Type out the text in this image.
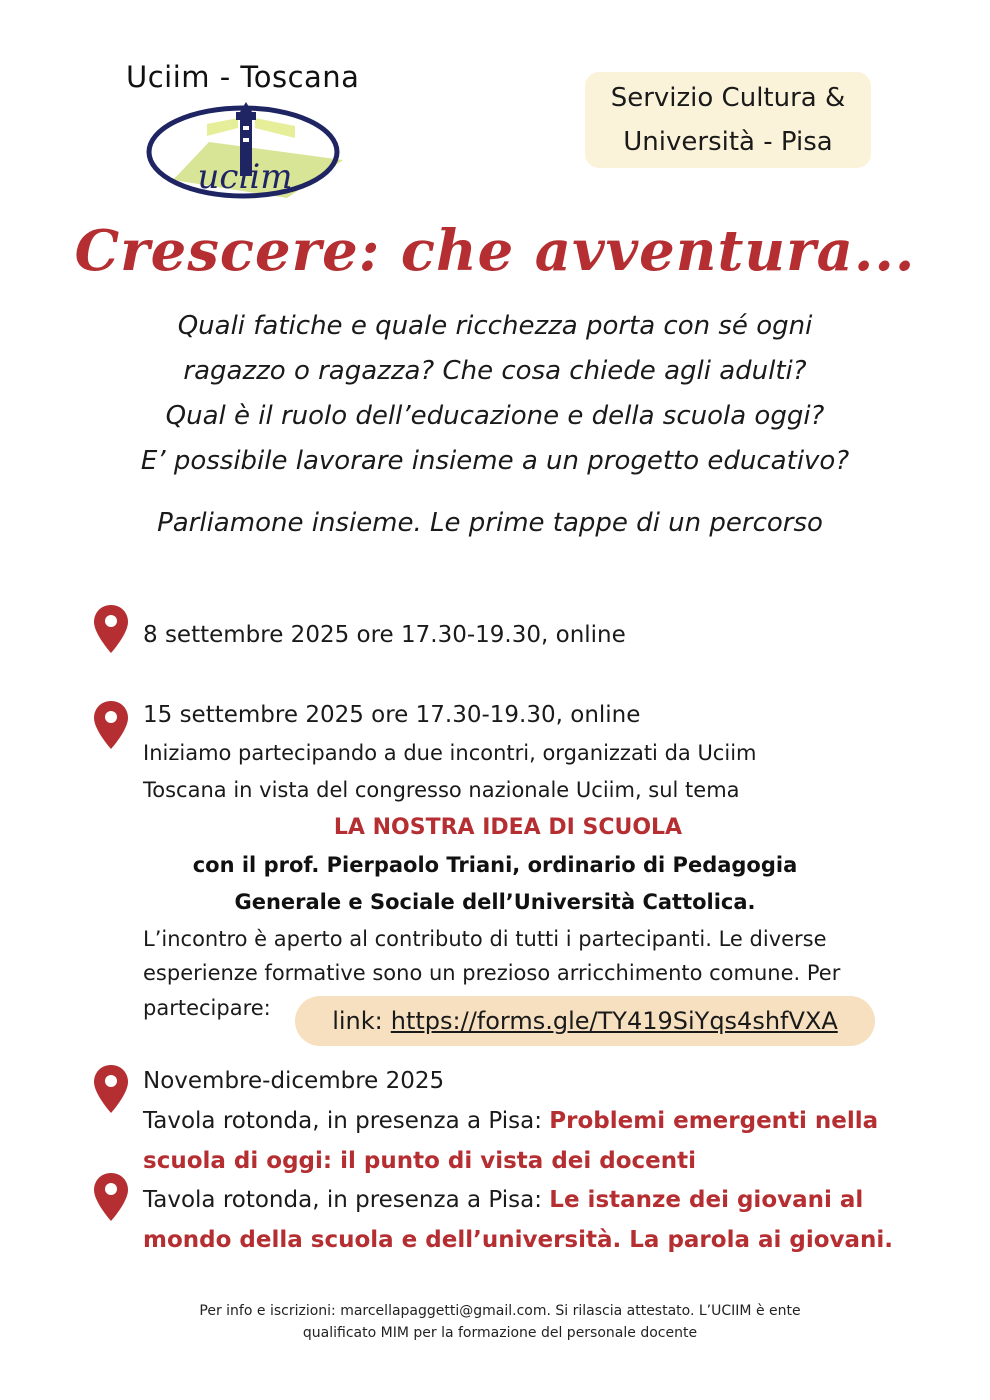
Uciim - Toscana
uciim
Servizio Cultura &
Università - Pisa
Crescere: che avventura...
Quali fatiche e quale ricchezza porta con sé ogni
ragazzo o ragazza? Che cosa chiede agli adulti?
Qual è il ruolo dell’educazione e della scuola oggi?
E’ possibile lavorare insieme a un progetto educativo?
Parliamone insieme. Le prime tappe di un percorso
8 settembre 2025 ore 17.30-19.30, online
15 settembre 2025 ore 17.30-19.30, online
Iniziamo partecipando a due incontri, organizzati da Uciim
Toscana in vista del congresso nazionale Uciim, sul tema
LA NOSTRA IDEA DI SCUOLA
con il prof. Pierpaolo Triani, ordinario di Pedagogia
Generale e Sociale dell’Università Cattolica.
L’incontro è aperto al contributo di tutti i partecipanti. Le diverse
esperienze formative sono un prezioso arricchimento comune. Per
partecipare:	link: https://forms.gle/TY419SiYqs4shfVXA
Novembre-dicembre 2025
Tavola rotonda, in presenza a Pisa: Problemi emergenti nella
scuola di oggi: il punto di vista dei docenti
Tavola rotonda, in presenza a Pisa: Le istanze dei giovani al
mondo della scuola e dell’università. La parola ai giovani.
Per info e iscrizioni: marcellapaggetti@gmail.com. Si rilascia attestato. L’UCIIM è ente
qualificato MIM per la formazione del personale docente
